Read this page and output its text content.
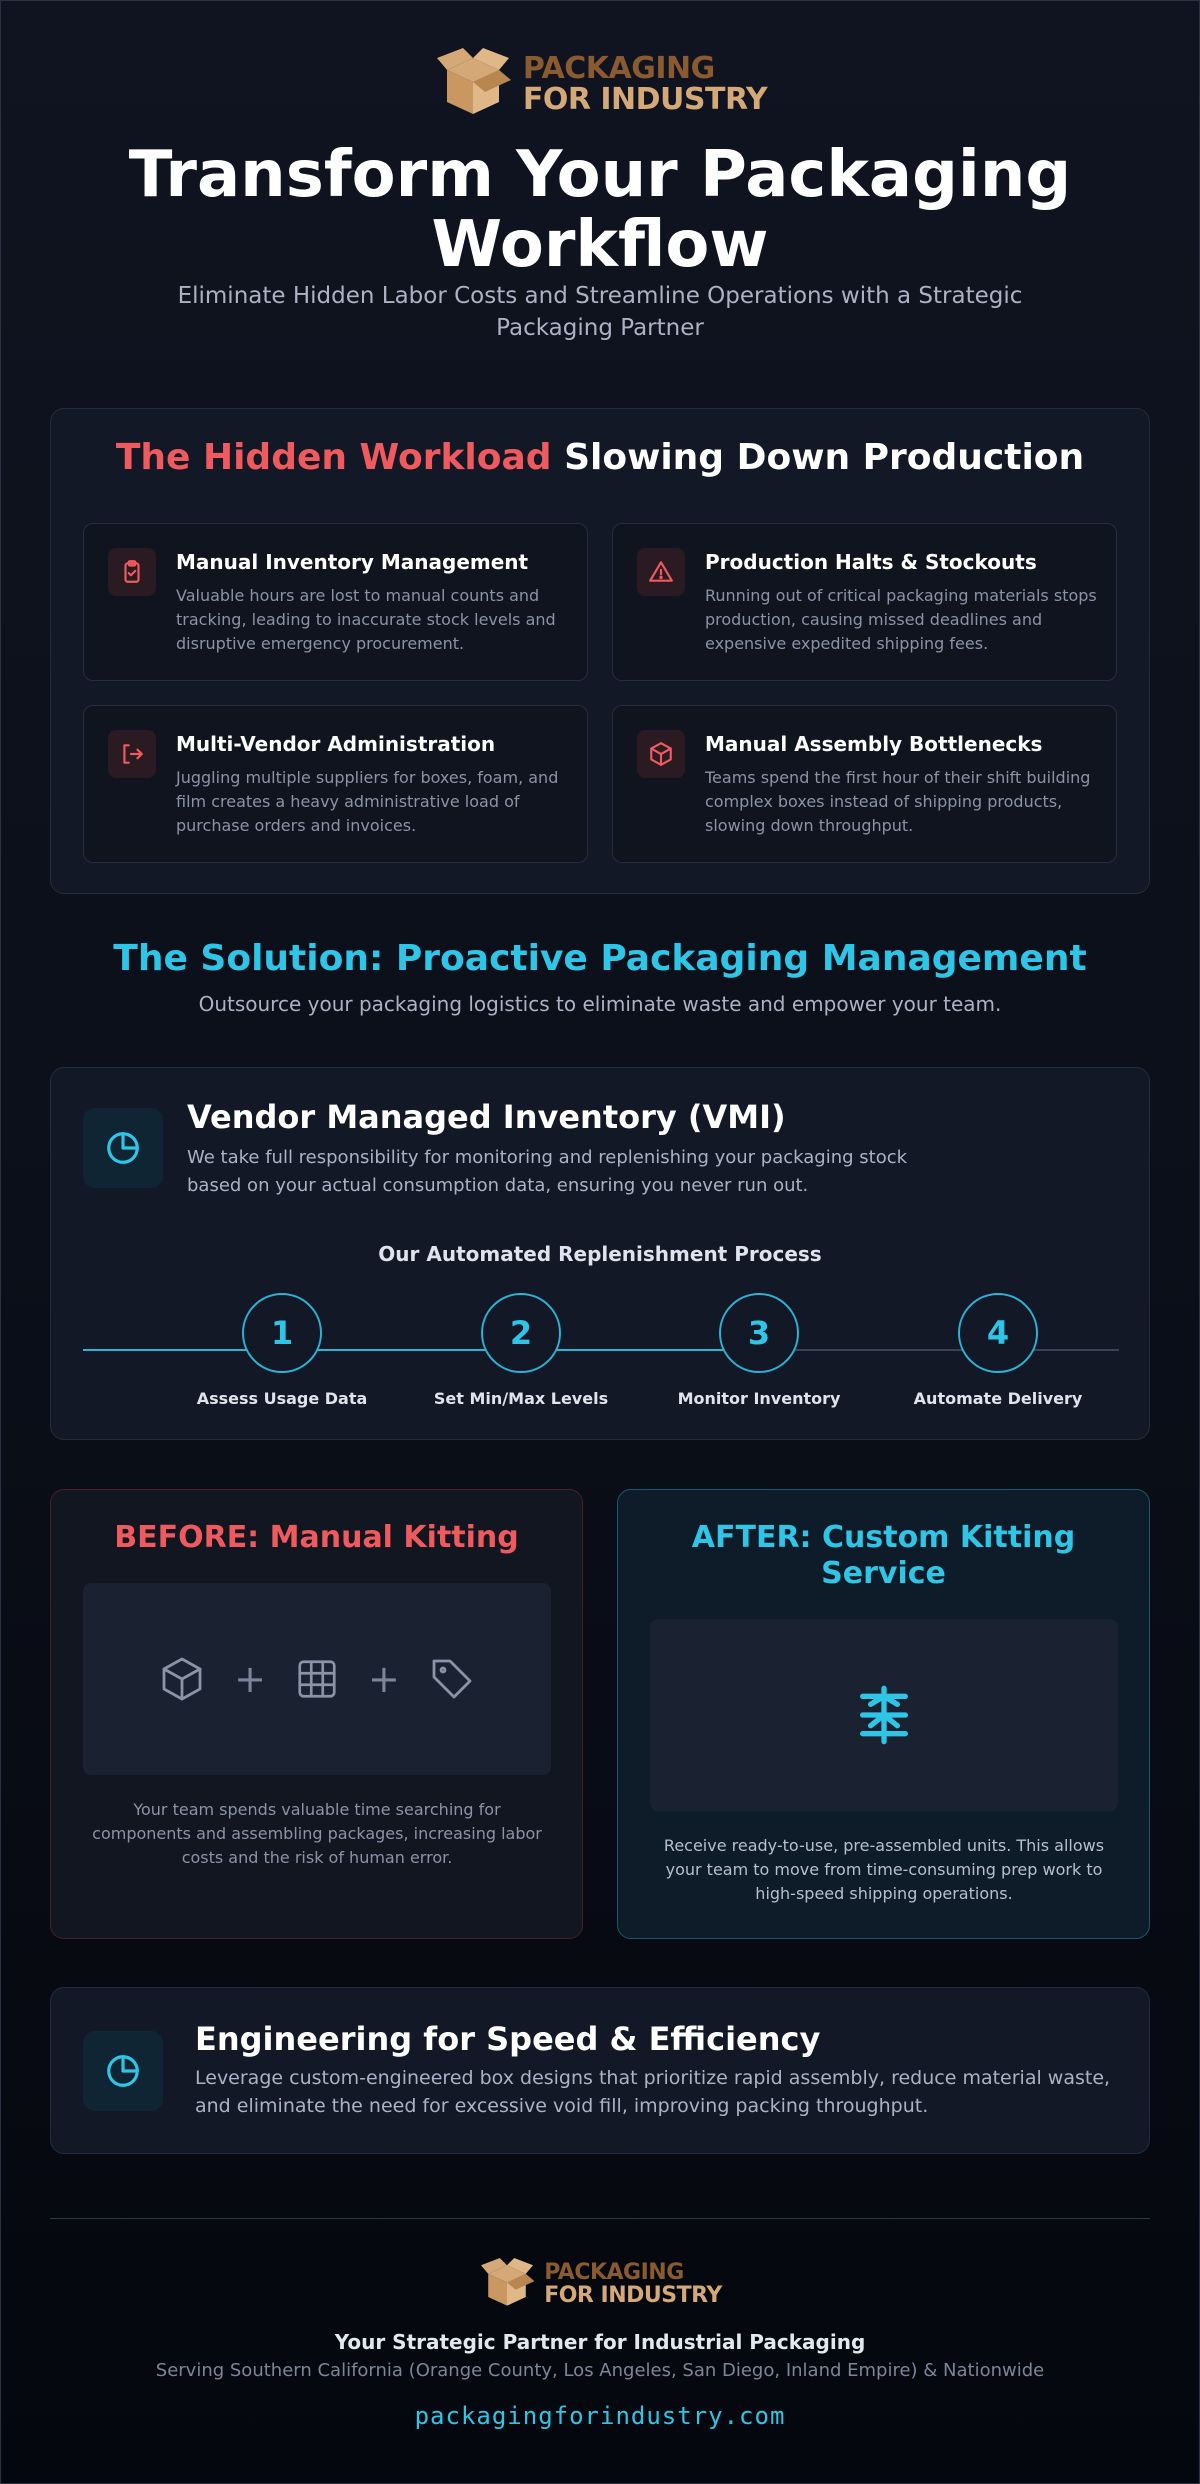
PACKAGING
FOR INDUSTRY
Transform Your Packaging Workflow

Eliminate Hidden Labor Costs and Streamline Operations with a Strategic Packaging Partner

The Hidden Workload Slowing Down Production
Manual Inventory Management
Valuable hours are lost to manual counts and tracking, leading to inaccurate stock levels and disruptive emergency procurement.
Production Halts & Stockouts
Running out of critical packaging materials stops production, causing missed deadlines and expensive expedited shipping fees.
Multi-Vendor Administration
Juggling multiple suppliers for boxes, foam, and film creates a heavy administrative load of purchase orders and invoices.
Manual Assembly Bottlenecks
Teams spend the first hour of their shift building complex boxes instead of shipping products, slowing down throughput.
The Solution: Proactive Packaging Management

Outsource your packaging logistics to eliminate waste and empower your team.

Vendor Managed Inventory (VMI)

We take full responsibility for monitoring and replenishing your packaging stock based on your actual consumption data, ensuring you never run out.

Our Automated Replenishment Process
1
Assess Usage Data
2
Set Min/Max Levels
3
Monitor Inventory
4
Automate Delivery
BEFORE: Manual Kitting
+	+

Your team spends valuable time searching for components and assembling packages, increasing labor costs and the risk of human error.

AFTER: Custom Kitting Service

Receive ready-to-use, pre-assembled units. This allows your team to move from time-consuming prep work to high-speed shipping operations.

Engineering for Speed & Efficiency

Leverage custom-engineered box designs that prioritize rapid assembly, reduce material waste, and eliminate the need for excessive void fill, improving packing throughput.

PACKAGING
FOR INDUSTRY
Your Strategic Partner for Industrial Packaging
Serving Southern California (Orange County, Los Angeles, San Diego, Inland Empire) & Nationwide
packagingforindustry.com
